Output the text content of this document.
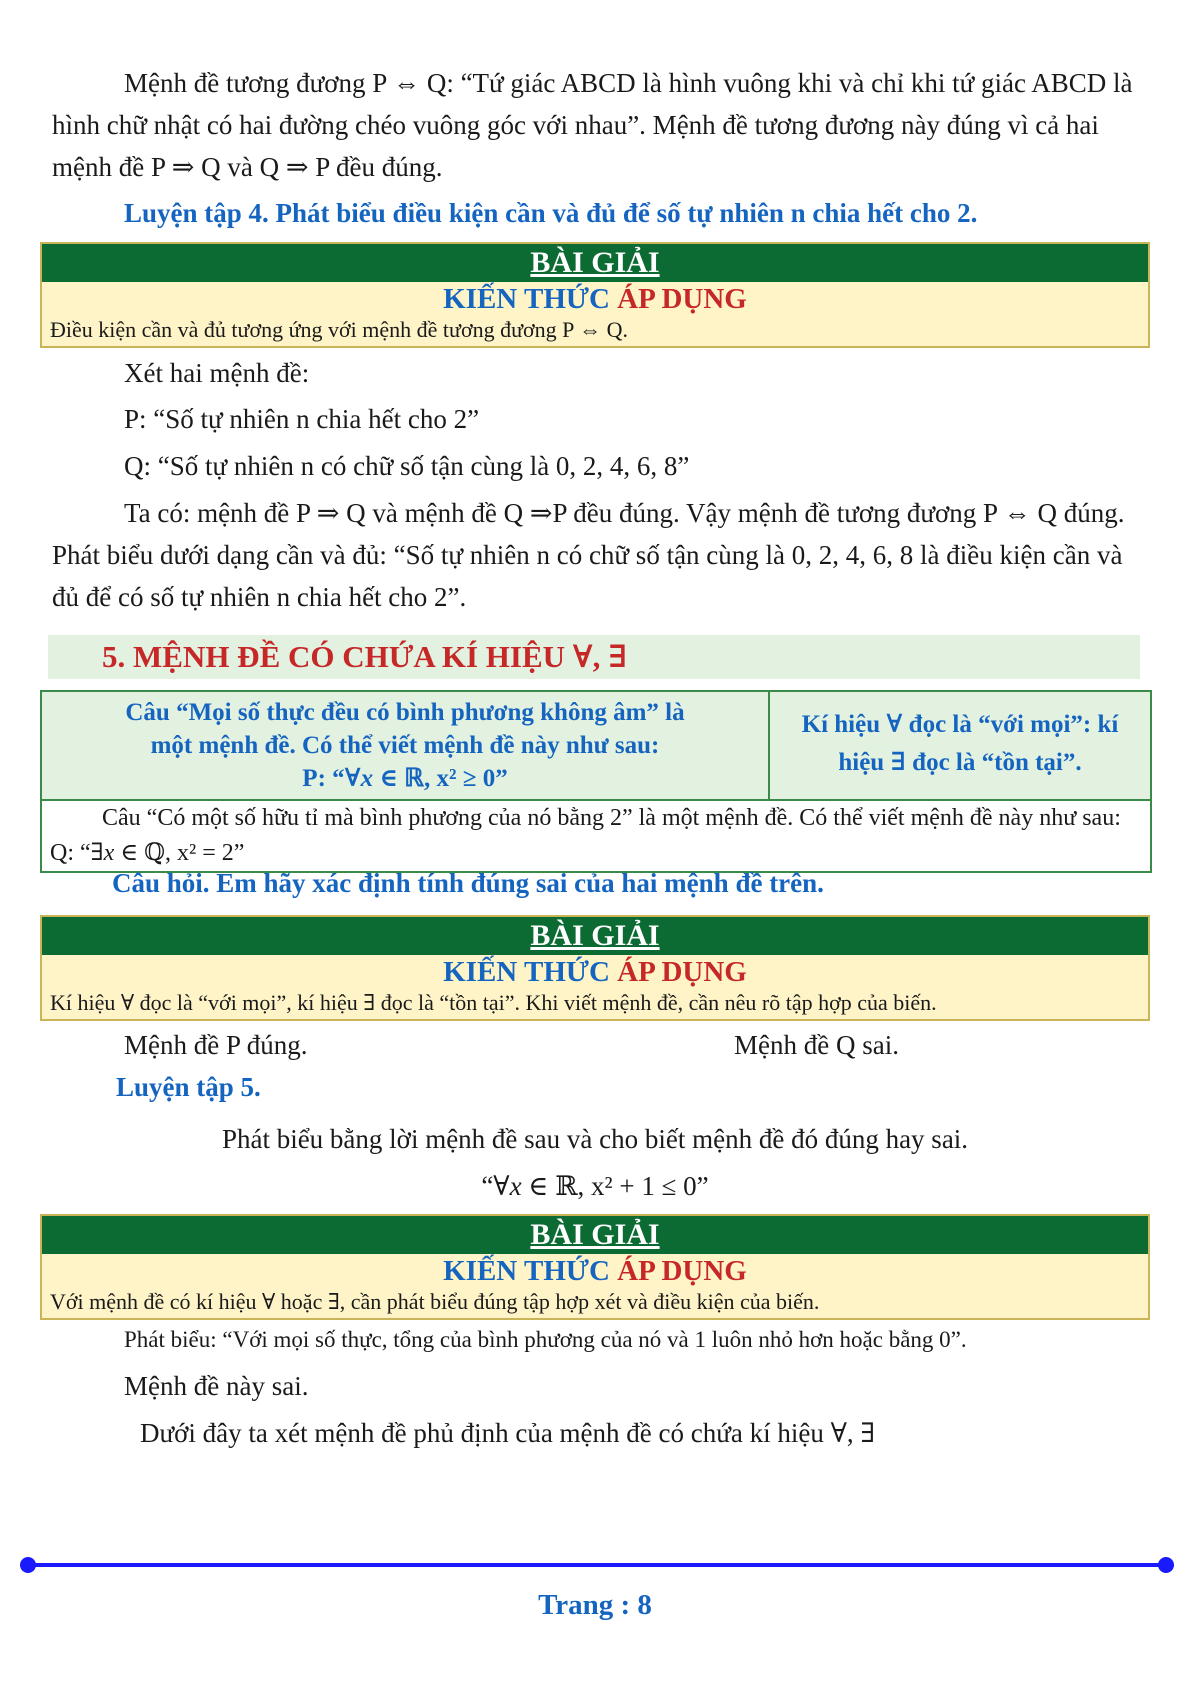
Mệnh đề tương đương P ⇔ Q: “Tứ giác ABCD là hình vuông khi và chỉ khi tứ giác ABCD là hình chữ nhật có hai đường chéo vuông góc với nhau”. Mệnh đề tương đương này đúng vì cả hai mệnh đề P ⇒ Q và Q ⇒ P đều đúng.

Luyện tập 4. Phát biểu điều kiện cần và đủ để số tự nhiên n chia hết cho 2.

BÀI GIẢI
KIẾN THỨC ÁP DỤNG
Điều kiện cần và đủ tương ứng với mệnh đề tương đương P ⇔ Q.

Xét hai mệnh đề:

P: “Số tự nhiên n chia hết cho 2”

Q: “Số tự nhiên n có chữ số tận cùng là 0, 2, 4, 6, 8”

Ta có: mệnh đề P ⇒ Q và mệnh đề Q ⇒P đều đúng. Vậy mệnh đề tương đương P ⇔ Q đúng. Phát biểu dưới dạng cần và đủ: “Số tự nhiên n có chữ số tận cùng là 0, 2, 4, 6, 8 là điều kiện cần và đủ để có số tự nhiên n chia hết cho 2”.

5. MỆNH ĐỀ CÓ CHỨA KÍ HIỆU ∀, ∃
Câu “Mọi số thực đều có bình phương không âm” là
một mệnh đề. Có thể viết mệnh đề này như sau:
P: “∀x ∈ ℝ, x² ≥ 0”
Kí hiệu ∀ đọc là “với mọi”: kí hiệu ∃ đọc là “tồn tại”.
Câu “Có một số hữu tỉ mà bình phương của nó bằng 2” là một mệnh đề. Có thể viết mệnh đề này như sau: Q: “∃x ∈ ℚ, x² = 2”

Câu hỏi. Em hãy xác định tính đúng sai của hai mệnh đề trên.

BÀI GIẢI
KIẾN THỨC ÁP DỤNG
Kí hiệu ∀ đọc là “với mọi”, kí hiệu ∃ đọc là “tồn tại”. Khi viết mệnh đề, cần nêu rõ tập hợp của biến.

Mệnh đề P đúng.	Mệnh đề Q sai.

Luyện tập 5.

Phát biểu bằng lời mệnh đề sau và cho biết mệnh đề đó đúng hay sai.

“∀x ∈ ℝ, x² + 1 ≤ 0”

BÀI GIẢI
KIẾN THỨC ÁP DỤNG
Với mệnh đề có kí hiệu ∀ hoặc ∃, cần phát biểu đúng tập hợp xét và điều kiện của biến.

Phát biểu: “Với mọi số thực, tổng của bình phương của nó và 1 luôn nhỏ hơn hoặc bằng 0”.

Mệnh đề này sai.

Dưới đây ta xét mệnh đề phủ định của mệnh đề có chứa kí hiệu ∀, ∃

Trang : 8
